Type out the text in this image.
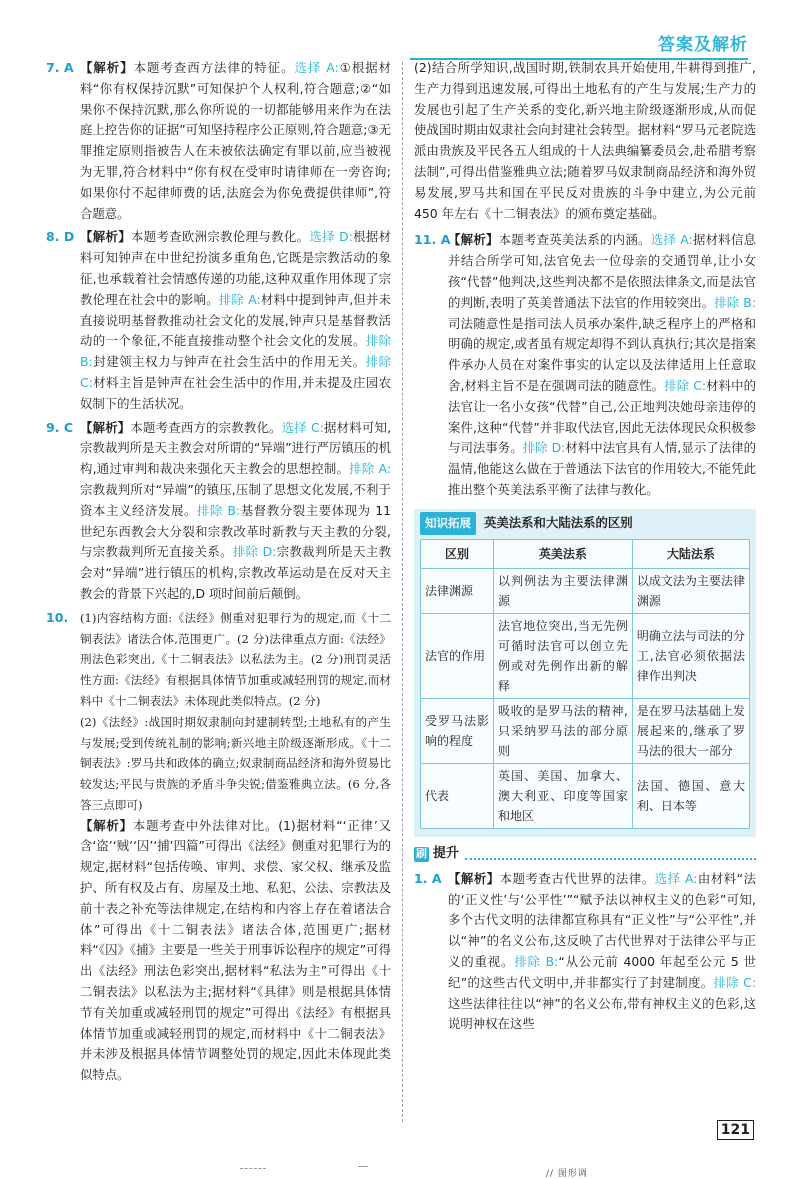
答案及解析
7. A 【解析】本题考查西方法律的特征。选择 A:①根据材料“你有权保持沉默”可知保护个人权利,符合题意;②“如果你不保持沉默,那么你所说的一切都能够用来作为在法庭上控告你的证据”可知坚持程序公正原则,符合题意;③无罪推定原则指被告人在未被依法确定有罪以前,应当被视为无罪,符合材料中“你有权在受审时请律师在一旁咨询;如果你付不起律师费的话,法庭会为你免费提供律师”,符合题意。
8. D 【解析】本题考查欧洲宗教伦理与教化。选择 D:根据材料可知钟声在中世纪扮演多重角色,它既是宗教活动的象征,也承载着社会情感传递的功能,这种双重作用体现了宗教伦理在社会中的影响。排除 A:材料中提到钟声,但并未直接说明基督教推动社会文化的发展,钟声只是基督教活动的一个象征,不能直接推动整个社会文化的发展。排除 B:封建领主权力与钟声在社会生活中的作用无关。排除 C:材料主旨是钟声在社会生活中的作用,并未提及庄园农奴制下的生活状况。
9. C 【解析】本题考查西方的宗教教化。选择 C:据材料可知,宗教裁判所是天主教会对所谓的“异端”进行严厉镇压的机构,通过审判和裁决来强化天主教会的思想控制。排除 A:宗教裁判所对“异端”的镇压,压制了思想文化发展,不利于资本主义经济发展。排除 B:基督教分裂主要体现为 11 世纪东西教会大分裂和宗教改革时新教与天主教的分裂,与宗教裁判所无直接关系。排除 D:宗教裁判所是天主教会对“异端”进行镇压的机构,宗教改革运动是在反对天主教会的背景下兴起的,D 项时间前后颠倒。
10. (1)内容结构方面:《法经》侧重对犯罪行为的规定,而《十二铜表法》诸法合体,范围更广。(2 分)法律重点方面:《法经》刑法色彩突出,《十二铜表法》以私法为主。(2 分)刑罚灵活性方面:《法经》有根据具体情节加重或减轻刑罚的规定,而材料中《十二铜表法》未体现此类似特点。(2 分)

(2)《法经》:战国时期奴隶制向封建制转型;土地私有的产生与发展;受到传统礼制的影响;新兴地主阶级逐渐形成。《十二铜表法》:罗马共和政体的确立;奴隶制商品经济和海外贸易比较发达;平民与贵族的矛盾斗争尖锐;借鉴雅典立法。(6 分,各答三点即可)

【解析】本题考查中外法律对比。(1)据材料“‘正律’又含‘盗’‘贼’‘囚’‘捕’四篇”可得出《法经》侧重对犯罪行为的规定,据材料“包括传唤、审判、求偿、家父权、继承及监护、所有权及占有、房屋及土地、私犯、公法、宗教法及前十表之补充等法律规定,在结构和内容上存在着诸法合体”可得出《十二铜表法》诸法合体,范围更广;据材料“《囚》《捕》主要是一些关于刑事诉讼程序的规定”可得出《法经》刑法色彩突出,据材料“私法为主”可得出《十二铜表法》以私法为主;据材料“《具律》则是根据具体情节有关加重或减轻刑罚的规定”可得出《法经》有根据具体情节加重或减轻刑罚的规定,而材料中《十二铜表法》并未涉及根据具体情节调整处罚的规定,因此未体现此类似特点。

(2)结合所学知识,战国时期,铁制农具开始使用,牛耕得到推广,生产力得到迅速发展,可得出土地私有的产生与发展;生产力的发展也引起了生产关系的变化,新兴地主阶级逐渐形成,从而促使战国时期由奴隶社会向封建社会转型。据材料“罗马元老院选派由贵族及平民各五人组成的十人法典编纂委员会,赴希腊考察法制”,可得出借鉴雅典立法;随着罗马奴隶制商品经济和海外贸易发展,罗马共和国在平民反对贵族的斗争中建立,为公元前 450 年左右《十二铜表法》的颁布奠定基础。

11. A
【解析】本题考查英美法系的内涵。选择 A:据材料信息并结合所学可知,法官免去一位母亲的交通罚单,让小女孩“代替”他判决,这些判决都不是依照法律条文,而是法官的判断,表明了英美普通法下法官的作用较突出。排除 B:司法随意性是指司法人员承办案件,缺乏程序上的严格和明确的规定,或者虽有规定却得不到认真执行;其次是指案件承办人员在对案件事实的认定以及法律适用上任意取舍,材料主旨不是在强调司法的随意性。排除 C:材料中的法官让一名小女孩“代替”自己,公正地判决她母亲违停的案件,这种“代替”并非取代法官,因此无法体现民众积极参与司法事务。排除 D:材料中法官具有人情,显示了法律的温情,他能这么做在于普通法下法官的作用较大,不能凭此推出整个英美法系平衡了法律与教化。
知识拓展	英美法系和大陆法系的区别
区别	英美法系	大陆法系
法律渊源	以判例法为主要法律渊源	以成文法为主要法律渊源
法官的作用	法官地位突出,当无先例可循时法官可以创立先例或对先例作出新的解释	明确立法与司法的分工,法官必须依据法律作出判决
受罗马法影响的程度	吸收的是罗马法的精神,只采纳罗马法的部分原则	是在罗马法基础上发展起来的,继承了罗马法的很大一部分
代表	英国、美国、加拿大、澳大利亚、印度等国家和地区	法国、德国、意大利、日本等
刷 提升
1. A 【解析】本题考查古代世界的法律。选择 A:由材料“法的‘正义性’与‘公平性’”“赋予法以神权主义的色彩”可知,多个古代文明的法律都宣称具有“正义性”与“公平性”,并以“神”的名义公布,这反映了古代世界对于法律公平与正义的重视。排除 B:“从公元前 4000 年起至公元 5 世纪”的这些古代文明中,并非都实行了封建制度。排除 C:这些法律往往以“神”的名义公布,带有神权主义的色彩,这说明神权在这些
121
// 图形调
